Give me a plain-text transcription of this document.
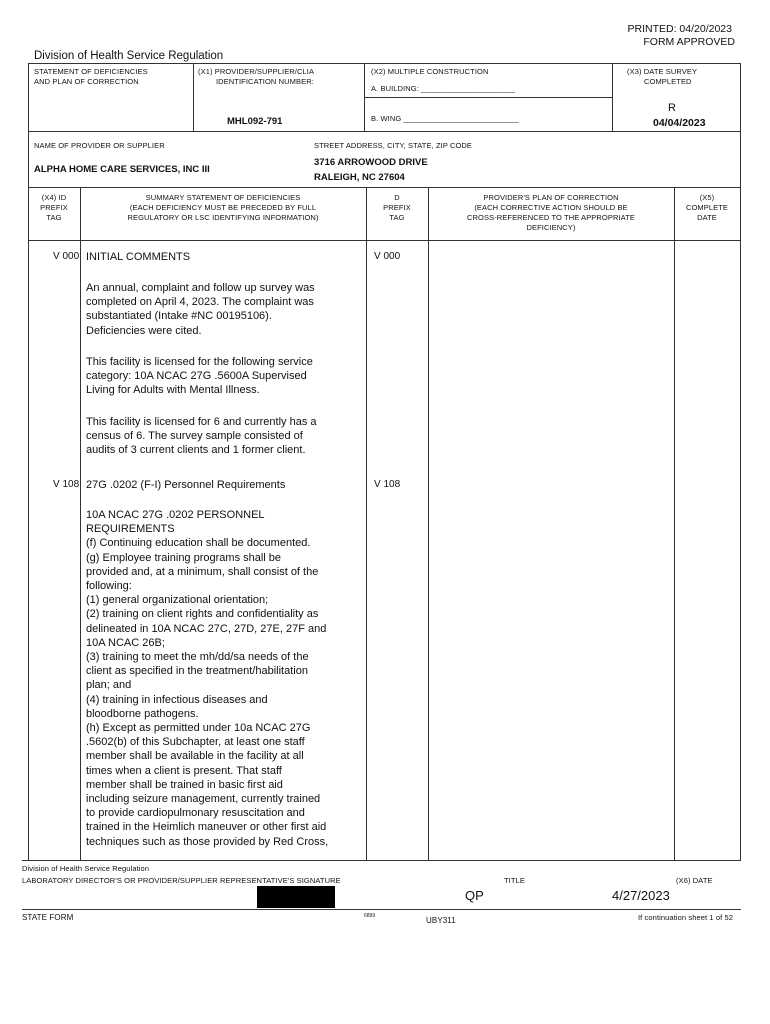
PRINTED: 04/20/2023
FORM APPROVED
Division of Health Service Regulation
STATEMENT OF DEFICIENCIES
AND PLAN OF CORRECTION
(X1) PROVIDER/SUPPLIER/CLIA
IDENTIFICATION NUMBER:
MHL092-791
(X2) MULTIPLE CONSTRUCTION
A. BUILDING: ______________________
B. WING ___________________________
(X3) DATE SURVEY
COMPLETED
R
04/04/2023
NAME OF PROVIDER OR SUPPLIER
ALPHA HOME CARE SERVICES, INC III
STREET ADDRESS, CITY, STATE, ZIP CODE
3716 ARROWOOD DRIVE
RALEIGH, NC 27604
(X4) ID
PREFIX
TAG
SUMMARY STATEMENT OF DEFICIENCIES
(EACH DEFICIENCY MUST BE PRECEDED BY FULL
REGULATORY OR LSC IDENTIFYING INFORMATION)
D
PREFIX
TAG
PROVIDER'S PLAN OF CORRECTION
(EACH CORRECTIVE ACTION SHOULD BE
CROSS-REFERENCED TO THE APPROPRIATE
DEFICIENCY)
(X5)
COMPLETE
DATE
V 000 INITIAL COMMENTS	V 000
An annual, complaint and follow up survey was
completed on April 4, 2023. The complaint was
substantiated (Intake #NC 00195106).
Deficiencies were cited.
This facility is licensed for the following service
category: 10A NCAC 27G .5600A Supervised
Living for Adults with Mental Illness.
This facility is licensed for 6 and currently has a
census of 6. The survey sample consisted of
audits of 3 current clients and 1 former client.
V 108 27G .0202 (F-I) Personnel Requirements	V 108
10A NCAC 27G .0202 PERSONNEL
REQUIREMENTS
(f) Continuing education shall be documented.
(g) Employee training programs shall be
provided and, at a minimum, shall consist of the
following:
(1) general organizational orientation;
(2) training on client rights and confidentiality as
delineated in 10A NCAC 27C, 27D, 27E, 27F and
10A NCAC 26B;
(3) training to meet the mh/dd/sa needs of the
client as specified in the treatment/habilitation
plan; and
(4) training in infectious diseases and
bloodborne pathogens.
(h) Except as permitted under 10a NCAC 27G
.5602(b) of this Subchapter, at least one staff
member shall be available in the facility at all
times when a client is present. That staff
member shall be trained in basic first aid
including seizure management, currently trained
to provide cardiopulmonary resuscitation and
trained in the Heimlich maneuver or other first aid
techniques such as those provided by Red Cross,
Division of Health Service Regulation
LABORATORY DIRECTOR'S OR PROVIDER/SUPPLIER REPRESENTATIVE'S SIGNATURE	TITLE	(X6) DATE
QP	4/27/2023
STATE FORM	6899	UBY311	If continuation sheet 1 of 52
